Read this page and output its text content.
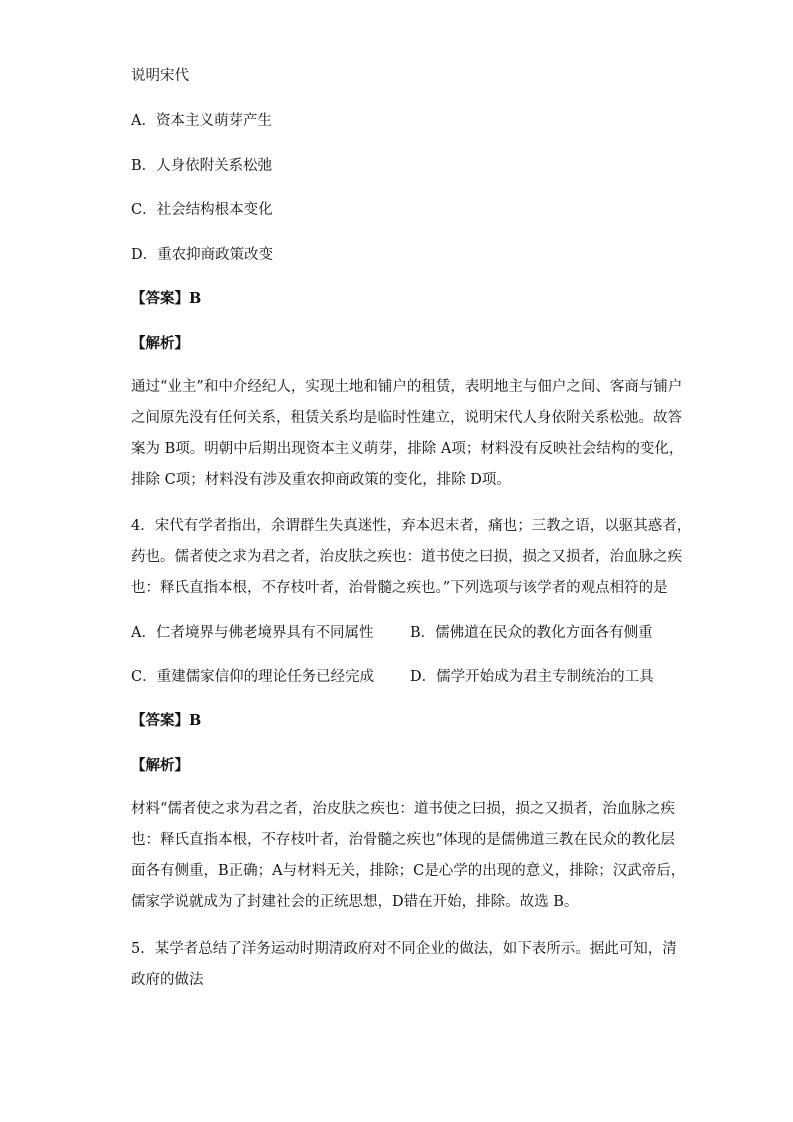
说明宋代
A．资本主义萌芽产生
B．人身依附关系松弛
C．社会结构根本变化
D．重农抑商政策改变
【答案】B
【解析】
通过“业主”和中介经纪人，实现土地和铺户的租赁，表明地主与佃户之间、客商与铺户
之间原先没有任何关系，租赁关系均是临时性建立，说明宋代人身依附关系松弛。故答
案为 B项。明朝中后期出现资本主义萌芽，排除 A项；材料没有反映社会结构的变化，
排除 C项；材料没有涉及重农抑商政策的变化，排除 D项。
4．宋代有学者指出，余谓群生失真迷性，弃本迟末者，痛也；三教之语，以驱其惑者，
药也。儒者使之求为君之者，治皮肤之疾也：道书使之曰损，损之又损者，治血脉之疾
也：释氏直指本根，不存枝叶者，治骨髓之疾也。”下列选项与该学者的观点相符的是
A．仁者境界与佛老境界具有不同属性	B．儒佛道在民众的教化方面各有侧重
C．重建儒家信仰的理论任务已经完成 D．儒学开始成为君主专制统治的工具
【答案】B
【解析】
材料“儒者使之求为君之者，治皮肤之疾也：道书使之曰损，损之又损者，治血脉之疾
也：释氏直指本根，不存枝叶者，治骨髓之疾也”体现的是儒佛道三教在民众的教化层
面各有侧重，B正确；A与材料无关，排除；C是心学的出现的意义，排除；汉武帝后，
儒家学说就成为了封建社会的正统思想，D错在开始，排除。故选 B。
5．某学者总结了洋务运动时期清政府对不同企业的做法，如下表所示。据此可知，清
政府的做法
